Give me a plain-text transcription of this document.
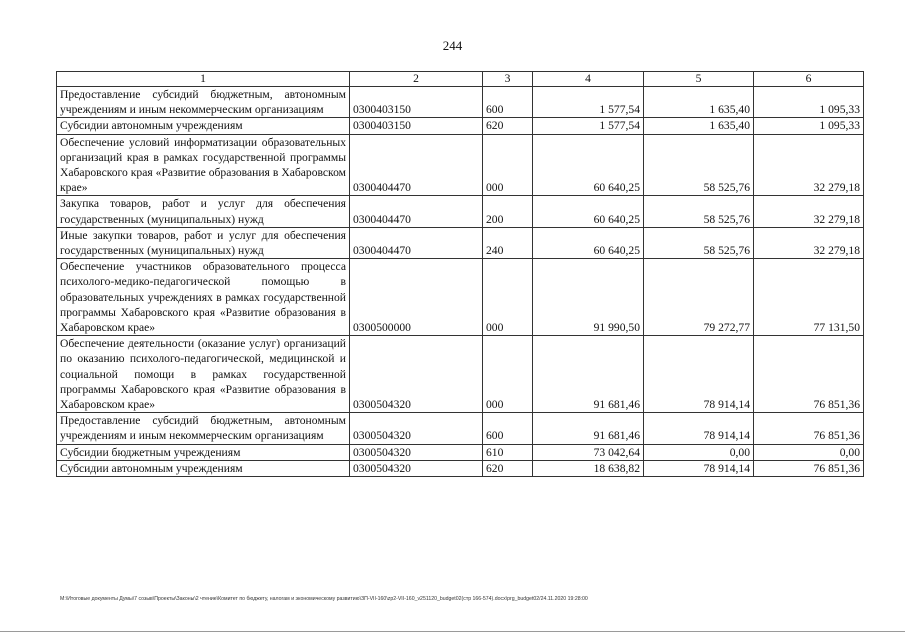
244
1	2	3	4	5	6
Предоставление субсидий бюджетным, автономным учреждениям и иным некоммерческим организациям	0300403150	600	1 577,54	1 635,40	1 095,33
Субсидии автономным учреждениям	0300403150	620	1 577,54	1 635,40	1 095,33
Обеспечение условий информатизации образовательных организаций края в рамках государственной программы Хабаровского края «Развитие образования в Хабаровском крае»	0300404470	000	60 640,25	58 525,76	32 279,18
Закупка товаров, работ и услуг для обеспечения государственных (муниципальных) нужд	0300404470	200	60 640,25	58 525,76	32 279,18
Иные закупки товаров, работ и услуг для обеспечения государственных (муниципальных) нужд	0300404470	240	60 640,25	58 525,76	32 279,18
Обеспечение участников образовательного процесса психолого-медико-педагогической помощью в образовательных учреждениях в рамках государственной программы Хабаровского края «Развитие образования в Хабаровском крае»	0300500000	000	91 990,50	79 272,77	77 131,50
Обеспечение деятельности (оказание услуг) организаций по оказанию психолого-педагогической, медицинской и социальной помощи в рамках государственной программы Хабаровского края «Развитие образования в Хабаровском крае»	0300504320	000	91 681,46	78 914,14	76 851,36
Предоставление субсидий бюджетным, автономным учреждениям и иным некоммерческим организациям	0300504320	600	91 681,46	78 914,14	76 851,36
Субсидии бюджетным учреждениям	0300504320	610	73 042,64	0,00	0,00
Субсидии автономным учреждениям	0300504320	620	18 638,82	78 914,14	76 851,36
M:\Итоговые документы Думы\7 созыв\Проекты\Законы\2 чтение\Комитет по бюджету, налогам и экономическому развитию\ЗП-VII-160\zp2-VII-160_v251120_budget02(стр 166-574).docx\prg_budget02/24.11.2020 19:28:00
